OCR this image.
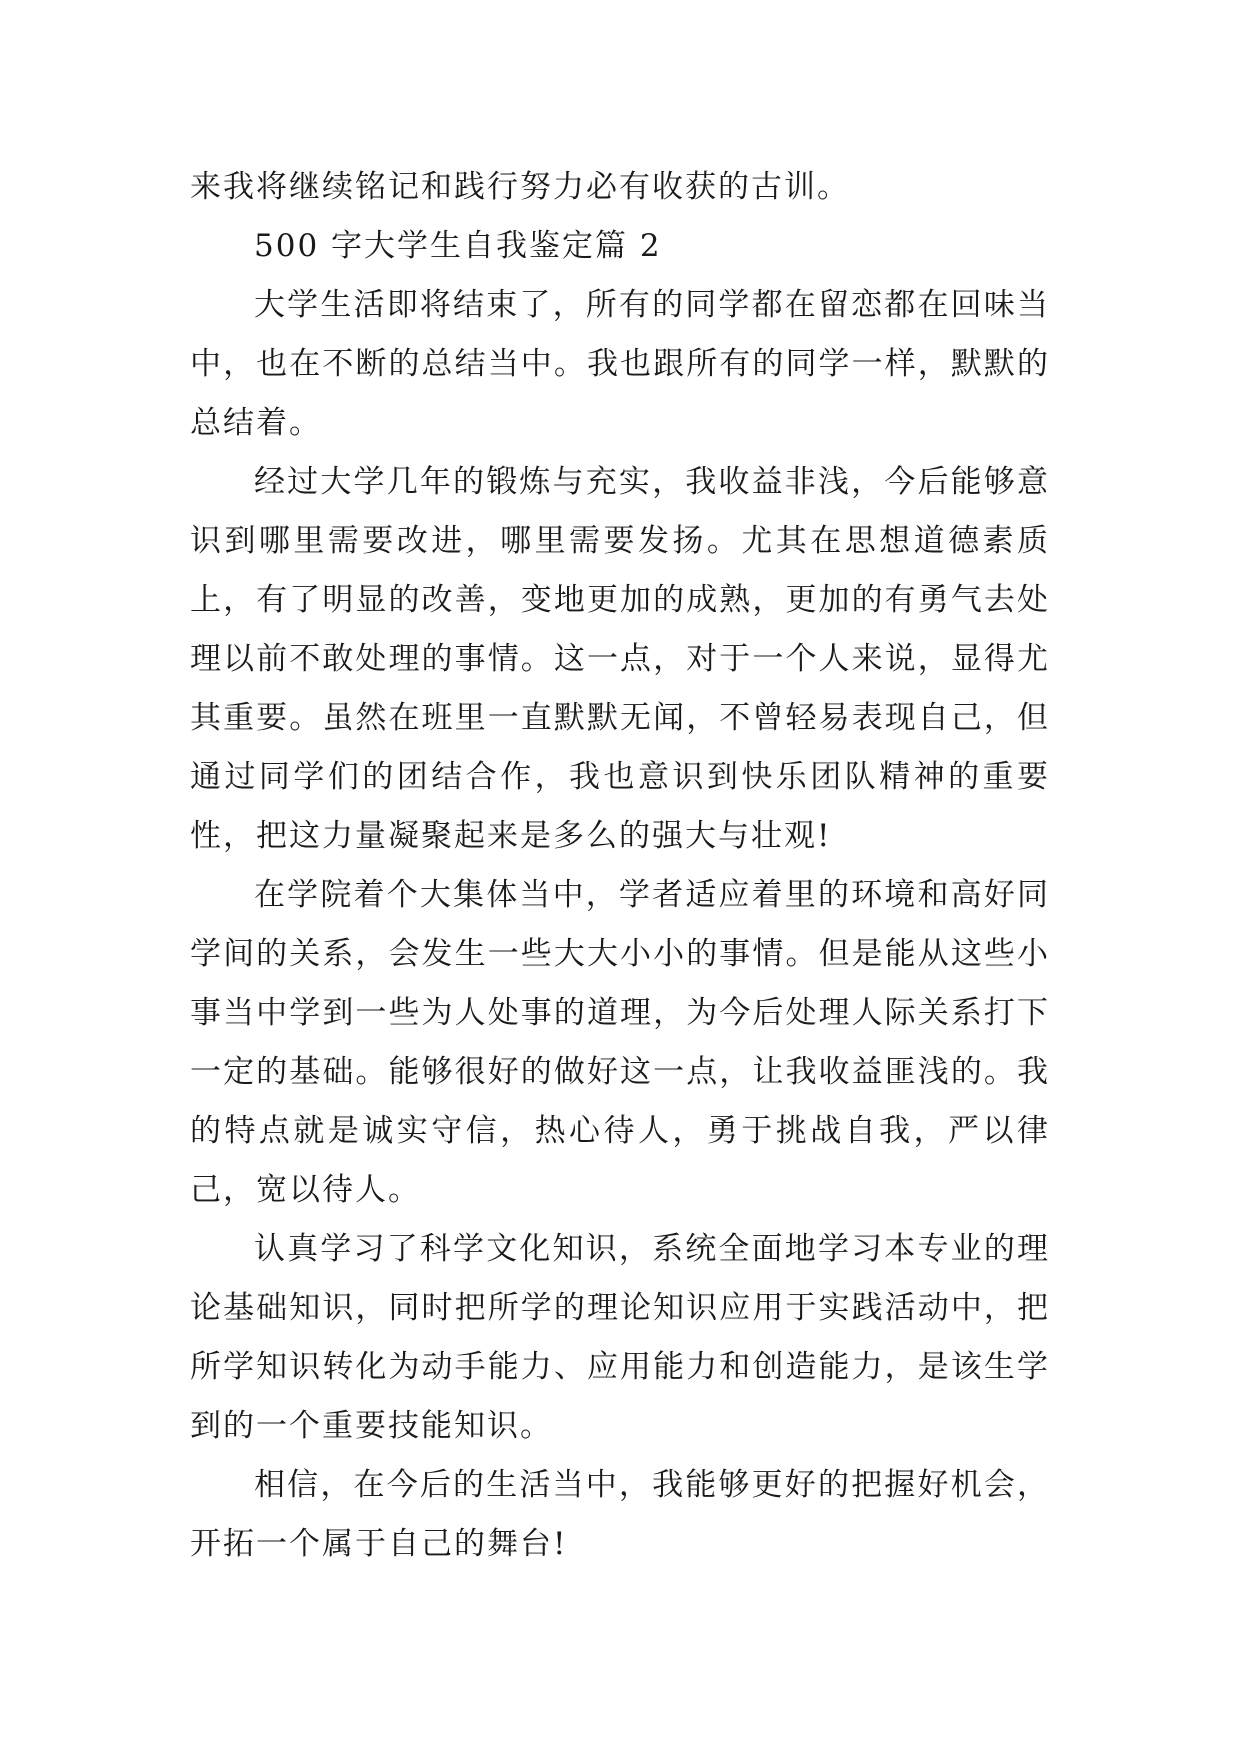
来我将继续铭记和践行努力必有收获的古训。

500 字大学生自我鉴定篇 2

大学生活即将结束了，所有的同学都在留恋都在回味当中，也在不断的总结当中。我也跟所有的同学一样，默默的总结着。

经过大学几年的锻炼与充实，我收益非浅，今后能够意识到哪里需要改进，哪里需要发扬。尤其在思想道德素质上，有了明显的改善，变地更加的成熟，更加的有勇气去处理以前不敢处理的事情。这一点，对于一个人来说，显得尤其重要。虽然在班里一直默默无闻，不曾轻易表现自己，但通过同学们的团结合作，我也意识到快乐团队精神的重要性，把这力量凝聚起来是多么的强大与壮观!

在学院着个大集体当中，学者适应着里的环境和高好同学间的关系，会发生一些大大小小的事情。但是能从这些小事当中学到一些为人处事的道理，为今后处理人际关系打下一定的基础。能够很好的做好这一点，让我收益匪浅的。我的特点就是诚实守信，热心待人，勇于挑战自我，严以律己，宽以待人。

认真学习了科学文化知识，系统全面地学习本专业的理论基础知识，同时把所学的理论知识应用于实践活动中，把所学知识转化为动手能力、应用能力和创造能力，是该生学到的一个重要技能知识。

相信，在今后的生活当中，我能够更好的把握好机会，开拓一个属于自己的舞台!
